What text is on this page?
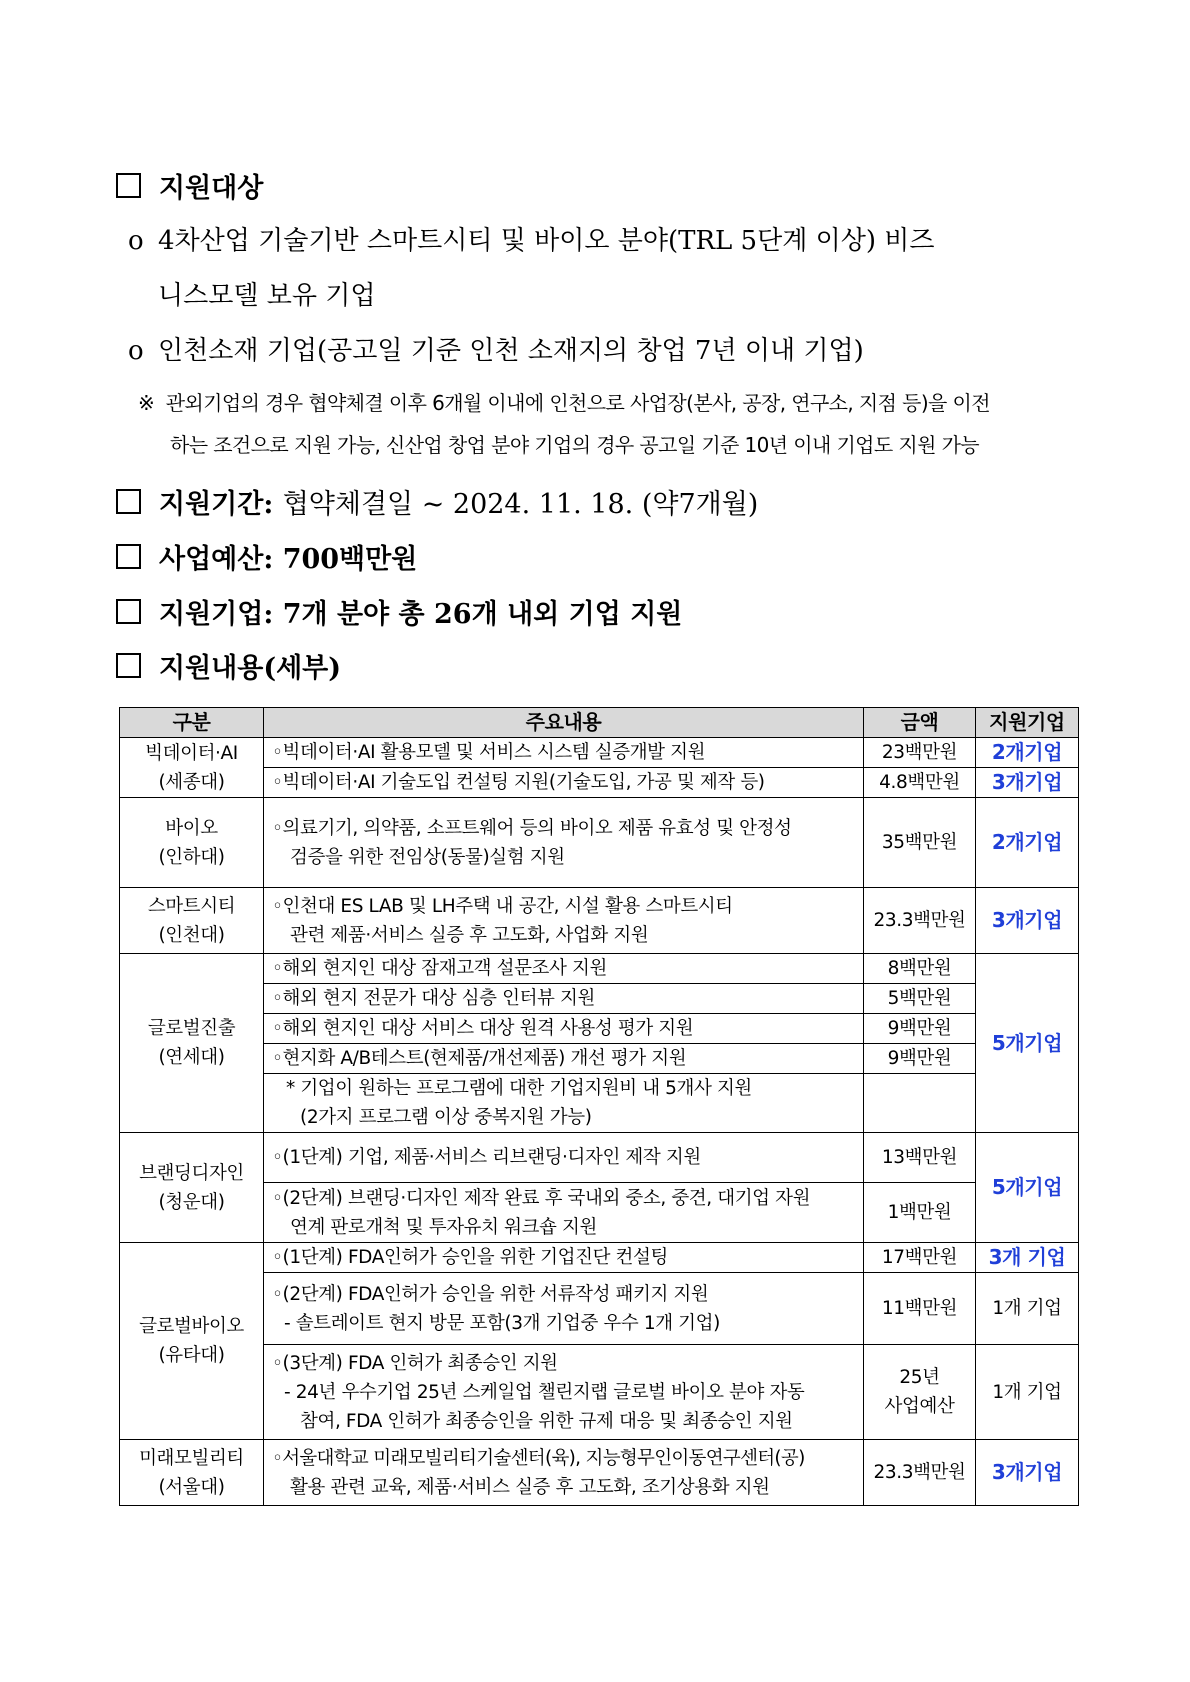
지원대상
o 4차산업 기술기반 스마트시티 및 바이오 분야(TRL 5단계 이상) 비즈
니스모델 보유 기업
o 인천소재 기업(공고일 기준 인천 소재지의 창업 7년 이내 기업)
※ 관외기업의 경우 협약체결 이후 6개월 이내에 인천으로 사업장(본사, 공장, 연구소, 지점 등)을 이전
하는 조건으로 지원 가능, 신산업 창업 분야 기업의 경우 공고일 기준 10년 이내 기업도 지원 가능
지원기간:
협약체결일 ~ 2024. 11. 18. (약7개월)
사업예산: 700백만원
지원기업: 7개 분야 총 26개 내외 기업 지원
지원내용(세부)
구분	주요내용	금액	지원기업
빅데이터·AI
(세종대)	◦빅데이터·AI 활용모델 및 서비스 시스템 실증개발 지원	23백만원	2개기업
	◦빅데이터·AI 기술도입 컨설팅 지원(기술도입, 가공 및 제작 등)	4.8백만원	3개기업
바이오
(인하대)	◦의료기기, 의약품, 소프트웨어 등의 바이오 제품 유효성 및 안정성
검증을 위한 전임상(동물)실험 지원	35백만원	2개기업
스마트시티
(인천대)	◦인천대 ES LAB 및 LH주택 내 공간, 시설 활용 스마트시티
관련 제품·서비스 실증 후 고도화, 사업화 지원	23.3백만원	3개기업
글로벌진출
(연세대)	◦해외 현지인 대상 잠재고객 설문조사 지원	8백만원	5개기업
	◦해외 현지 전문가 대상 심층 인터뷰 지원	5백만원	
	◦해외 현지인 대상 서비스 대상 원격 사용성 평가 지원	9백만원	
	◦현지화 A/B테스트(현제품/개선제품) 개선 평가 지원	9백만원	

	* 기업이 원하는 프로그램에 대한 기업지원비 내 5개사 지원
(2가지 프로그램 이상 중복지원 가능)		

브랜딩디자인
(청운대)	◦(1단계) 기업, 제품·서비스 리브랜딩·디자인 제작 지원	13백만원	5개기업

	◦(2단계) 브랜딩·디자인 제작 완료 후 국내외 중소, 중견, 대기업 자원
연계 판로개척 및 투자유치 워크숍 지원	1백만원	
글로벌바이오
(유타대)	◦(1단계) FDA인허가 승인을 위한 기업진단 컨설팅	17백만원	3개 기업

	◦(2단계) FDA인허가 승인을 위한 서류작성 패키지 지원
- 솔트레이트 현지 방문 포함(3개 기업중 우수 1개 기업)	11백만원	1개 기업

	◦(3단계) FDA 인허가 최종승인 지원
- 24년 우수기업 25년 스케일업 챌린지랩 글로벌 바이오 분야 자동
참여, FDA 인허가 최종승인을 위한 규제 대응 및 최종승인 지원	25년
사업예산	1개 기업
미래모빌리티
(서울대)	◦서울대학교 미래모빌리티기술센터(육), 지능형무인이동연구센터(공)
활용 관련 교육, 제품·서비스 실증 후 고도화, 조기상용화 지원	23.3백만원	3개기업
